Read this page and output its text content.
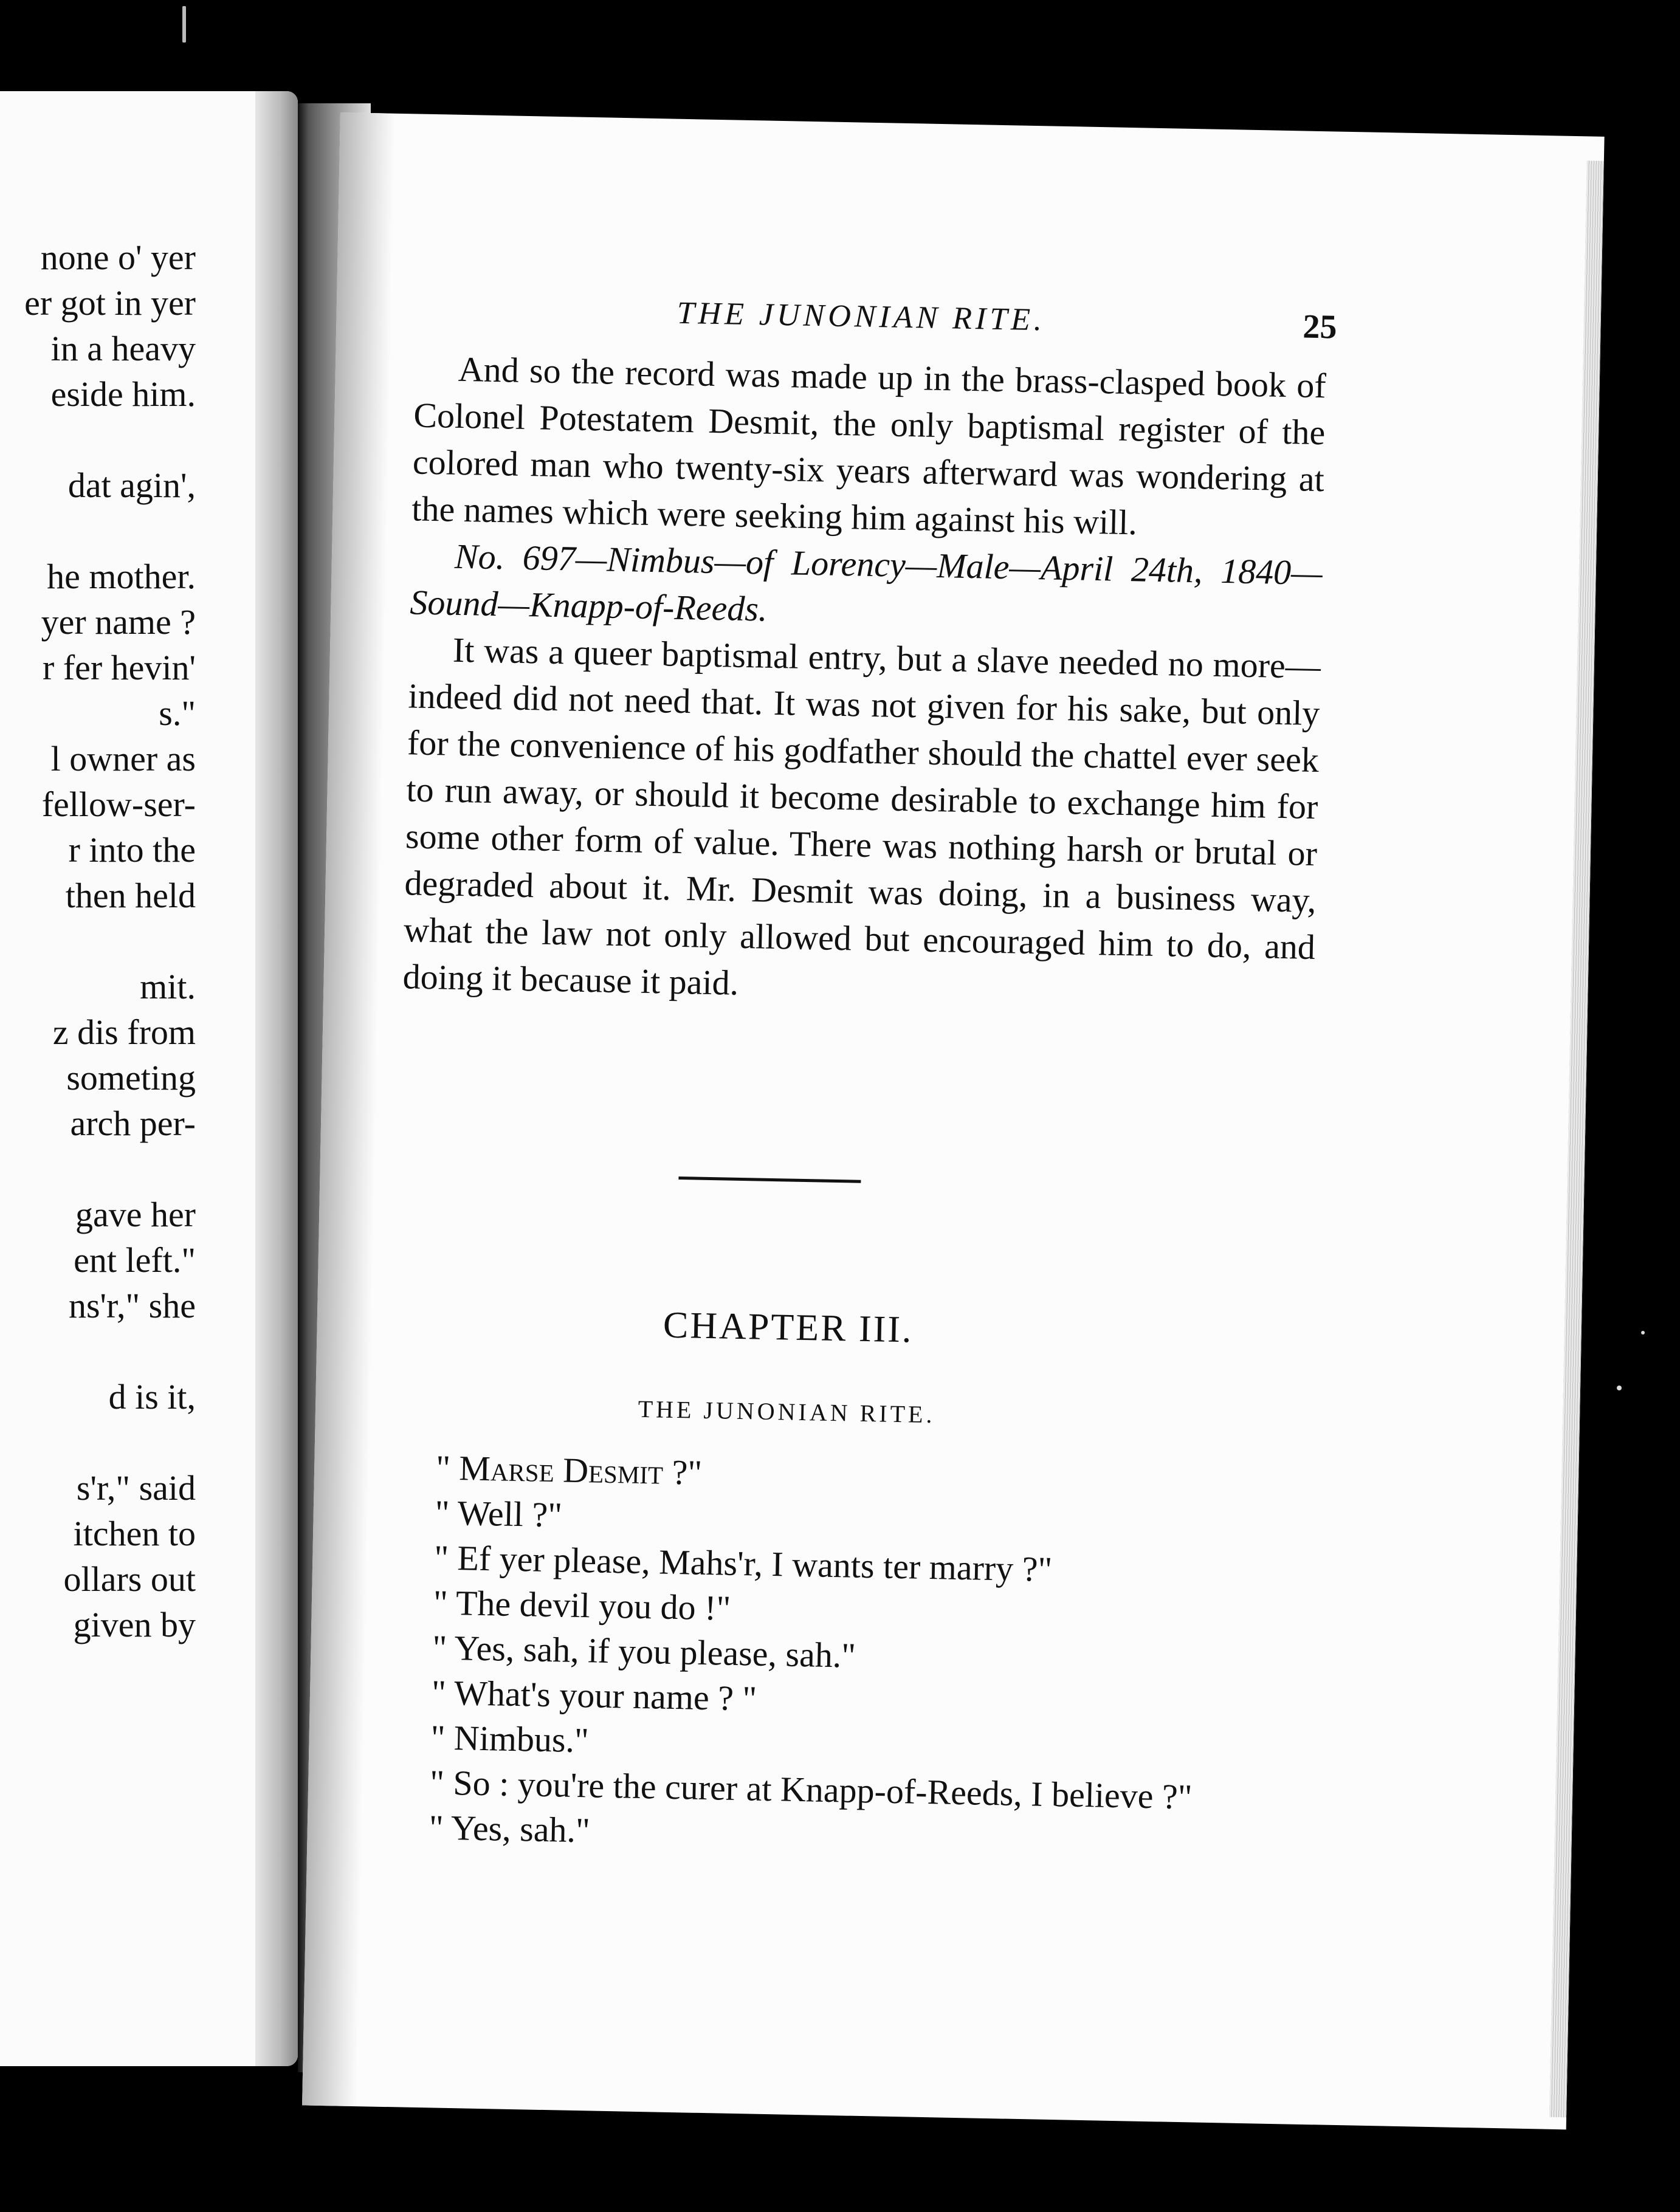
none o' yer
er got in yer
in a heavy
eside him.
dat agin',
he mother.
yer name ?
r fer hevin'
s."
l owner as
fellow-ser-
r into the
then held
mit.
z dis from
someting
arch per-
gave her
ent left."
ns'r," she
d is it,
s'r," said
itchen to
ollars out
given by
THE JUNONIAN RITE.	25

And so the record was made up in the brass-clasped book of Colonel Potestatem Desmit, the only baptismal register of the colored man who twenty-six years afterward was wondering at the names which were seeking him against his will.

No. 697—Nimbus—of Lorency—Male—April 24th, 1840—Sound—Knapp-of-Reeds.

It was a queer baptismal entry, but a slave needed no more—indeed did not need that. It was not given for his sake, but only for the convenience of his godfather should the chattel ever seek to run away, or should it become desirable to exchange him for some other form of value. There was nothing harsh or brutal or degraded about it. Mr. Desmit was doing, in a business way, what the law not only allowed but encouraged him to do, and doing it because it paid.

CHAPTER III.
THE JUNONIAN RITE.

" Marse Desmit ?"

" Well ?"

" Ef yer please, Mahs'r, I wants ter marry ?"

" The devil you do !"

" Yes, sah, if you please, sah."

" What's your name ? "

" Nimbus."

" So : you're the curer at Knapp-of-Reeds, I believe ?"

" Yes, sah."
